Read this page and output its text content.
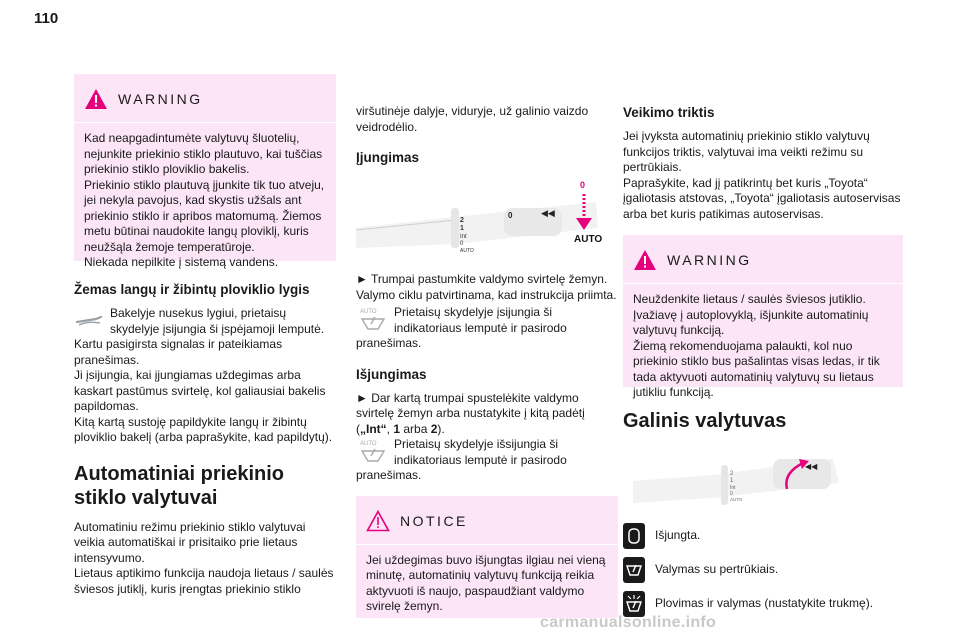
110
WARNING
Kad neapgadintumėte valytuvų šluotelių, nejunkite priekinio stiklo plautuvo, kai tuščias priekinio stiklo ploviklio bakelis.
Priekinio stiklo plautuvą įjunkite tik tuo atveju, jei nekyla pavojus, kad skystis užšals ant priekinio stiklo ir apribos matomumą. Žiemos metu būtinai naudokite langų ploviklį, kuris neužšąla žemoje temperatūroje.
Niekada nepilkite į sistemą vandens.
Žemas langų ir žibintų ploviklio lygis
Bakelyje nusekus lygiui, prietaisų skydelyje įsijungia ši įspėjamoji lemputė. Kartu pasigirsta signalas ir pateikiamas pranešimas.
Ji įsijungia, kai įjungiamas uždegimas arba kaskart pastūmus svirtelę, kol galiausiai bakelis papildomas.
Kitą kartą sustoję papildykite langų ir žibintų ploviklio bakelį (arba paprašykite, kad papildytų).
Automatiniai priekinio stiklo valytuvai
Automatiniu režimu priekinio stiklo valytuvai veikia automatiškai ir prisitaiko prie lietaus intensyvumo.
Lietaus aptikimo funkcija naudoja lietaus / saulės šviesos jutiklį, kuris įrengtas priekinio stiklo
viršutinėje dalyje, viduryje, už galinio vaizdo veidrodėlio.
Įjungimas
2
1
Int
0
AUTO
0	◀◀
0
AUTO
► Trumpai pastumkite valdymo svirtelę žemyn. Valymo ciklu patvirtinama, kad instrukcija priimta.
AUTO Prietaisų skydelyje įsijungia ši indikatoriaus lemputė ir pasirodo pranešimas.
Išjungimas
► Dar kartą trumpai spustelėkite valdymo svirtelę žemyn arba nustatykite į kitą padėtį („Int“, 1 arba 2).
AUTO Prietaisų skydelyje išsijungia ši indikatoriaus lemputė ir pasirodo pranešimas.
NOTICE
Jei uždegimas buvo išjungtas ilgiau nei vieną minutę, automatinių valytuvų funkciją reikia aktyvuoti iš naujo, paspaudžiant valdymo svirelę žemyn.
Veikimo triktis
Jei įvyksta automatinių priekinio stiklo valytuvų funkcijos triktis, valytuvai ima veikti režimu su pertrūkiais.
Paprašykite, kad jį patikrintų bet kuris „Toyota“ įgaliotasis atstovas, „Toyota“ įgaliotasis autoservisas arba bet kuris patikimas autoservisas.
WARNING
Neuždenkite lietaus / saulės šviesos jutiklio.
Įvažiavę į autoplovyklą, išjunkite automatinių valytuvų funkciją.
Žiemą rekomenduojama palaukti, kol nuo priekinio stiklo bus pašalintas visas ledas, ir tik tada aktyvuoti automatinių valytuvų su lietaus jutikliu funkciją.
Galinis valytuvas
2
1
Int
0
AUTO
◀◀
Išjungta.
Valymas su pertrūkiais.
Plovimas ir valymas (nustatykite trukmę).
carmanualsonline.info
